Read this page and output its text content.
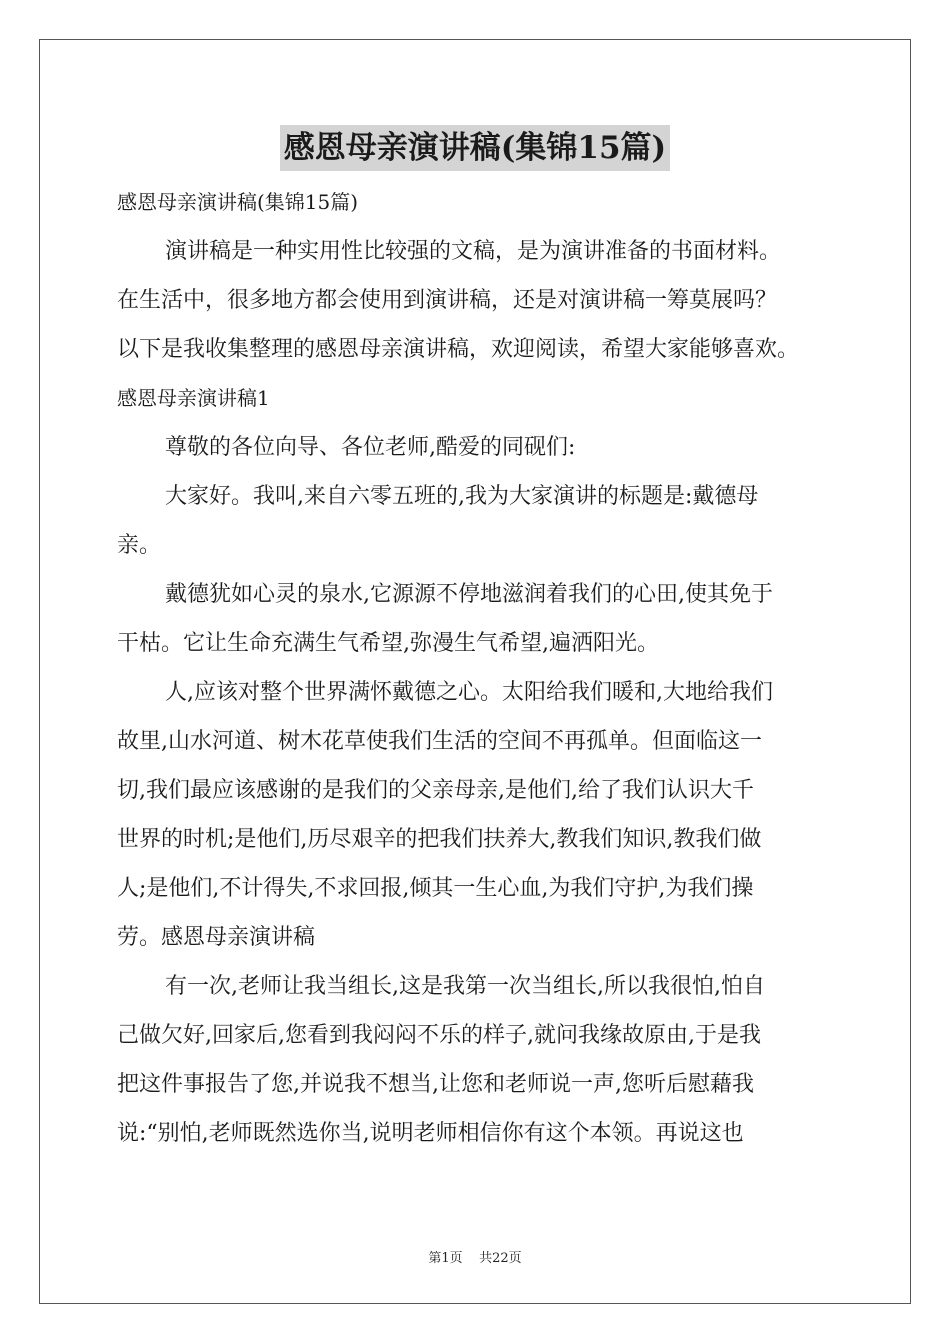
感恩母亲演讲稿(集锦15篇)
感恩母亲演讲稿(集锦15篇)
演讲稿是一种实用性比较强的文稿，是为演讲准备的书面材料。
在生活中，很多地方都会使用到演讲稿，还是对演讲稿一筹莫展吗？
以下是我收集整理的感恩母亲演讲稿，欢迎阅读，希望大家能够喜欢。
感恩母亲演讲稿1
尊敬的各位向导、各位老师,酷爱的同砚们:
大家好。我叫,来自六零五班的,我为大家演讲的标题是:戴德母
亲。
戴德犹如心灵的泉水,它源源不停地滋润着我们的心田,使其免于
干枯。它让生命充满生气希望,弥漫生气希望,遍洒阳光。
人,应该对整个世界满怀戴德之心。太阳给我们暖和,大地给我们
故里,山水河道、树木花草使我们生活的空间不再孤单。但面临这一
切,我们最应该感谢的是我们的父亲母亲,是他们,给了我们认识大千
世界的时机;是他们,历尽艰辛的把我们扶养大,教我们知识,教我们做
人;是他们,不计得失,不求回报,倾其一生心血,为我们守护,为我们操
劳。感恩母亲演讲稿
有一次,老师让我当组长,这是我第一次当组长,所以我很怕,怕自
己做欠好,回家后,您看到我闷闷不乐的样子,就问我缘故原由,于是我
把这件事报告了您,并说我不想当,让您和老师说一声,您听后慰藉我
说:“别怕,老师既然选你当,说明老师相信你有这个本领。再说这也
第1页    共22页
